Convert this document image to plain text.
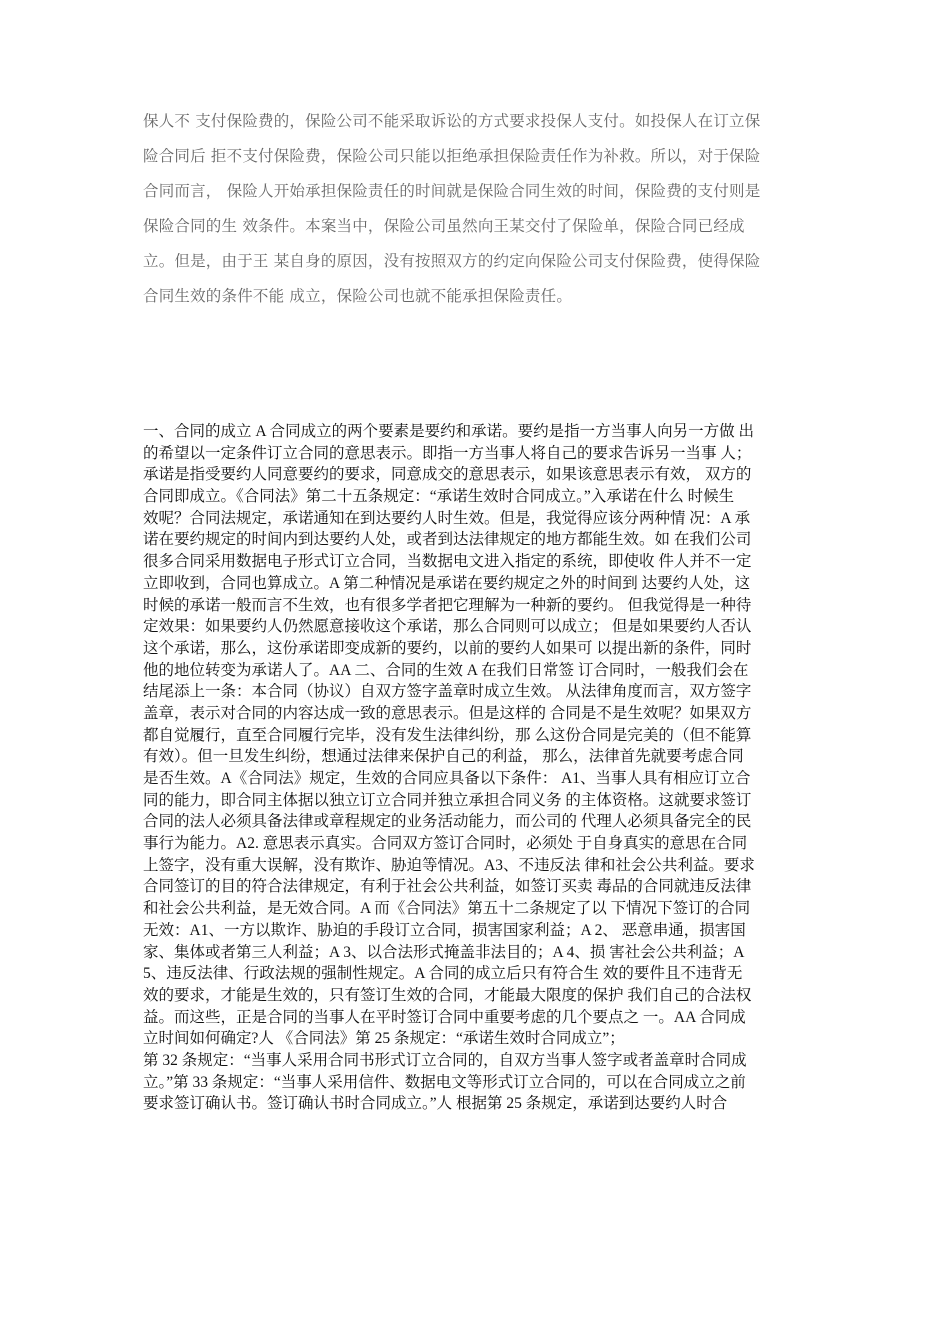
保人不 支付保险费的，保险公司不能采取诉讼的方式要求投保人支付。如投保人在订立保
险合同后 拒不支付保险费，保险公司只能以拒绝承担保险责任作为补救。所以，对于保险
合同而言， 保险人开始承担保险责任的时间就是保险合同生效的时间，保险费的支付则是
保险合同的生 效条件。本案当中，保险公司虽然向王某交付了保险单，保险合同已经成
立。但是，由于王 某自身的原因，没有按照双方的约定向保险公司支付保险费，使得保险
合同生效的条件不能 成立，保险公司也就不能承担保险责任。
一、合同的成立 A 合同成立的两个要素是要约和承诺。要约是指一方当事人向另一方做 出
的希望以一定条件订立合同的意思表示。即指一方当事人将自己的要求告诉另一当事 人；
承诺是指受要约人同意要约的要求，同意成交的意思表示，如果该意思表示有效， 双方的
合同即成立。《合同法》第二十五条规定：“承诺生效时合同成立。”入承诺在什么 时候生
效呢？合同法规定，承诺通知在到达要约人时生效。但是，我觉得应该分两种情 况：A 承
诺在要约规定的时间内到达要约人处，或者到达法律规定的地方都能生效。如 在我们公司
很多合同采用数据电子形式订立合同，当数据电文进入指定的系统，即使收 件人并不一定
立即收到，合同也算成立。A 第二种情况是承诺在要约规定之外的时间到 达要约人处，这
时候的承诺一般而言不生效，也有很多学者把它理解为一种新的要约。 但我觉得是一种待
定效果：如果要约人仍然愿意接收这个承诺，那么合同则可以成立； 但是如果要约人否认
这个承诺，那么，这份承诺即变成新的要约，以前的要约人如果可 以提出新的条件，同时
他的地位转变为承诺人了。AA 二、合同的生效 A 在我们日常签 订合同时，一般我们会在
结尾添上一条：本合同（协议）自双方签字盖章时成立生效。 从法律角度而言，双方签字
盖章，表示对合同的内容达成一致的意思表示。但是这样的 合同是不是生效呢？如果双方
都自觉履行，直至合同履行完毕，没有发生法律纠纷，那 么这份合同是完美的（但不能算
有效）。但一旦发生纠纷，想通过法律来保护自己的利益， 那么，法律首先就要考虑合同
是否生效。A《合同法》规定，生效的合同应具备以下条件： A1、当事人具有相应订立合
同的能力，即合同主体据以独立订立合同并独立承担合同义务 的主体资格。这就要求签订
合同的法人必须具备法律或章程规定的业务活动能力，而公司的 代理人必须具备完全的民
事行为能力。A2. 意思表示真实。合同双方签订合同时，必须处 于自身真实的意思在合同
上签字，没有重大误解，没有欺诈、胁迫等情况。A3、不违反法 律和社会公共利益。要求
合同签订的目的符合法律规定，有利于社会公共利益，如签订买卖 毒品的合同就违反法律
和社会公共利益，是无效合同。A 而《合同法》第五十二条规定了以 下情况下签订的合同
无效：A1、一方以欺诈、胁迫的手段订立合同，损害国家利益；A 2、 恶意串通，损害国
家、集体或者第三人利益；A 3、以合法形式掩盖非法目的；A 4、损 害社会公共利益；A
5、违反法律、行政法规的强制性规定。A 合同的成立后只有符合生 效的要件且不违背无
效的要求，才能是生效的，只有签订生效的合同，才能最大限度的保护 我们自己的合法权
益。而这些，正是合同的当事人在平时签订合同中重要考虑的几个要点之 一。AA 合同成
立时间如何确定?人 《合同法》第 25 条规定：“承诺生效时合同成立”；
第 32 条规定：“当事人采用合同书形式订立合同的，自双方当事人签字或者盖章时合同成
立。”第 33 条规定：“当事人采用信件、数据电文等形式订立合同的，可以在合同成立之前
要求签订确认书。签订确认书时合同成立。”人 根据第 25 条规定，承诺到达要约人时合
